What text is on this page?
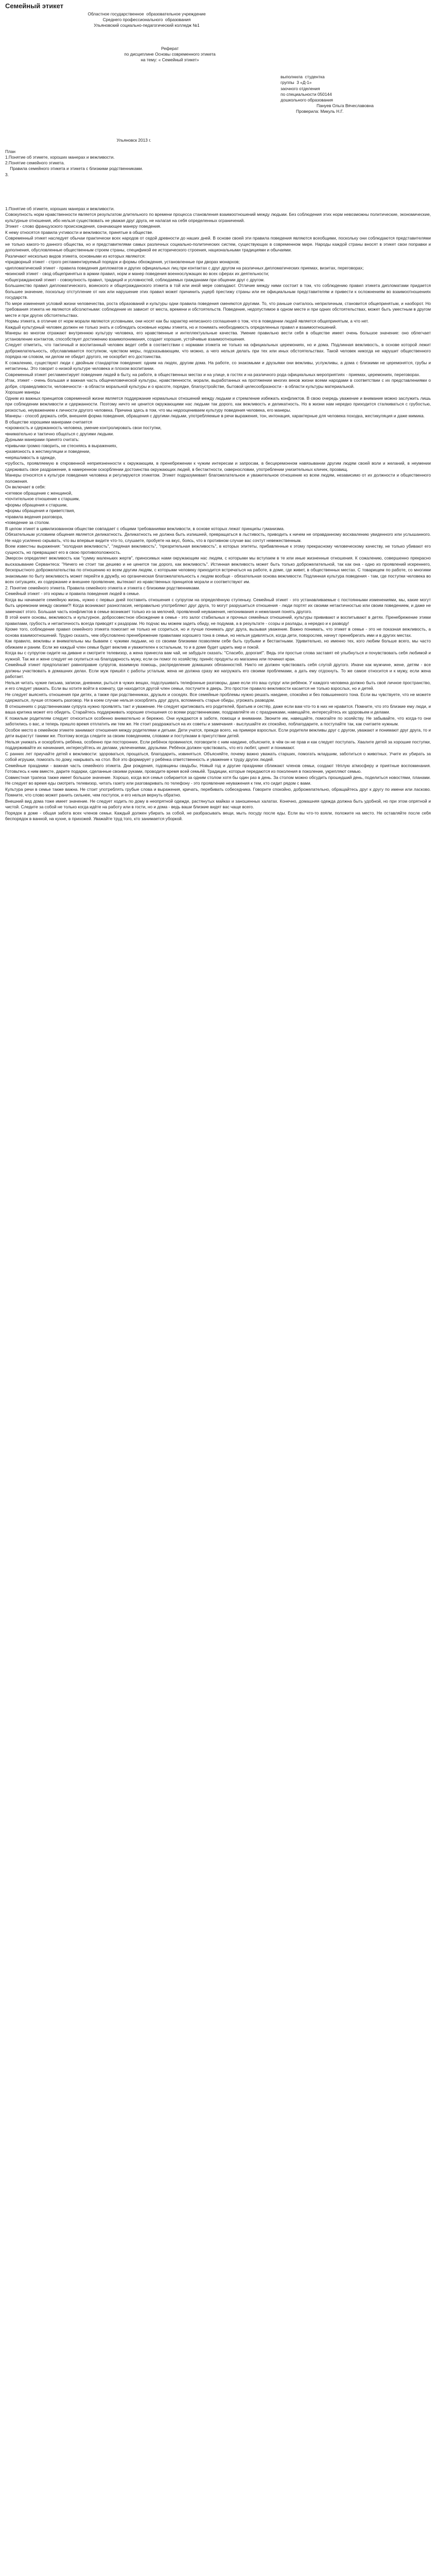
Семейный этикет

Областное государственное  образовательное учреждение

Среднего профессионального  образования

Ульяновский социально-педагогический колледж №1

Реферат

по дисциплине Основы современного этикета

на тему: « Семейный этикет»

выполнила  студентка

группы  3 «Д-1»

заочного отделения

по специальности 050144

дошкольного образования

Пануев Ольга Вячеславовна

Проверила: Микуль Н.Г.

Ульяновск 2013 г.

План

1.Понятие об этикете, хороших манерах и вежливости.

2.Понятие семейного этикета.

Правила семейного этикета и этикета с близкими родственниками.

3.

1.Понятие об этикете, хороших манерах и вежливости.

Совокупность норм нравственности является результатом длительного по времени процесса становления взаимоотношений между людьми. Без соблюдения этих норм невозможны политические, экономические, культурные отношения, ибо нельзя существовать не уважая друг друга, не налагая на себя определенных ограничений.

Этикет - слово французского происхождения, означающее манеру поведения.

К нему относятся правила учтивости и вежливости, принятые в обществе.

Современный этикет наследует обычаи практически всех народов от седой древности до наших дней. В основе своей эти правила поведения являются всеобщими, поскольку они соблюдаются представителями не только какого-то данного общества, но и представителями самых различных социально-политических систем, существующих в современном мире. Народы каждой страны вносят в этикет свои поправки и дополнения, обусловленные общественным строем страны, спецификой ее исторического строения, национальными традициями и обычаями.

Различают несколько видов этикета, основными из которых являются:

•придворный этикет - строго регламентируемый порядок и формы обхождения, установленные при дворах монархов;

•дипломатический этикет - правила поведения дипломатов и других официальных лиц при контактах с друг другом на различных дипломатических приемах, визитах, переговорах;

•воинский этикет - свод общепринятых в армии правил, норм и манер поведения военнослужащих во всех сферах их деятельности;

•общегражданский этикет - совокупность правил, традиций и условностей, соблюдаемых гражданами при общении друг с другом.

Большинство правил дипломатического, воинского и общегражданского этикета в той или иной мере совпадают. Отличие между ними состоит в том, что соблюдению правил этикета дипломатами придается большее значение, поскольку отступление от них или нарушение этих правил может причинить ущерб престижу страны или ее официальным представителям и привести к осложнениям во взаимоотношениях государств.

По мере изменения условий жизни человечества, роста образований и культуры одни правила поведения сменяются другими. То, что раньше считалось неприличным, становится общепринятым, и наоборот. Но требования этикета не являются абсолютными: соблюдение их зависит от места, времени и обстоятельств. Поведение, недопустимое в одном месте и при одних обстоятельствах, может быть уместным в другом месте и при других обстоятельствах.

Нормы этикета, в отличие от норм морали являются условными, они носят как бы характер неписаного соглашения о том, что в поведении людей является общепринятым, а что нет.

Каждый культурный человек должен не только знать и соблюдать основные нормы этикета, но и понимать необходимость определенных правил и взаимоотношений.

Манеры во многом отражают внутреннюю культуру человека, его нравственные и интеллектуальные качества. Умение правильно вести себя в обществе имеет очень большое значение: оно облегчает установление контактов, способствует достижению взаимопонимания, создает хорошие, устойчивые взаимоотношения.

Следует отметить, что тактичный и воспитанный человек ведет себя в соответствии с нормами этикета не только на официальных церемониях, но и дома. Подлинная вежливость, в основе которой лежит доброжелательность, обуславливается поступком, чувством меры, подсказывающим, что можно, а чего нельзя делать при тех или иных обстоятельствах. Такой человек никогда не нарушит общественного порядка ни словом, ни делом не обидит другого, не оскорбит его достоинства.

К сожалению, существуют люди с двойным стандартом поведения: одним на людях, другим дома. На работе, со знакомыми и друзьями они вежливы, услужливы, а дома с близкими не церемонятся, грубы и нетактичны. Это говорит о низкой культуре человека и плохом воспитании.

Современный этикет регламентирует поведение людей в быту, на работе, в общественных местах и на улице, в гостях и на различного рода официальных мероприятиях - приемах, церемониях, переговорах.

Итак, этикет - очень большая и важная часть общечеловеческой культуры, нравственности, морали, выработанных на протяжении многих веков жизни всеми народами в соответствии с их представлениями о добре, справедливости, человечности - в области моральной культуры и о красоте, порядке, благоустройстве, бытовой целесообразности - в области культуры материальной.

Хорошие манеры

Одним из важных принципов современной жизни является поддержание нормальных отношений между людьми и стремление избежать конфликтов. В свою очередь уважение и внимание можно заслужить лишь при соблюдении вежливости и сдержанности. Поэтому ничто не ценится окружающими нас людьми так дорого, как вежливость и деликатность. Но в жизни нам нередко приходится сталкиваться с грубостью, резкостью, неуважением к личности другого человека. Причина здесь в том, что мы недооцениваем культуру поведения человека, его манеры.

Манеры - способ держать себя, внешняя форма поведения, обращения с другими людьми, употребляемые в речи выражения, тон, интонация, характерные для человека походка, жестикуляция и даже мимика.

В обществе хорошими манерами считается

•скромность и сдержанность человека, умение контролировать свои поступки,

•внимательно и тактично общаться с другими людьми.

Дурными манерами принято считать:

•привычки громко говорить, не стесняясь в выражениях,

•развязность в жестикуляции и поведении,

•неряшливость в одежде,

•грубость, проявляемую в откровенной неприязненности к окружающим, в пренебрежении к чужим интересам и запросам, в бесцеремонном навязывании другим людям своей воли и желаний, в неумении сдерживать свое раздражение, в намеренном оскорблении достоинства окружающих людей, в бестактности, сквернословии, употреблении унизительных кличек, прозвищ.

Манеры относятся к культуре поведения человека и регулируются этикетом. Этикет подразумевает благожелательное и уважительное отношение ко всем людям, независимо от их должности и общественного положения.

Он включает в себя:

•сетевое обращение с женщиной,

•почтительное отношение к старшим,

•формы обращения к старшим,

•формы обращения и приветствия,

•правила ведения разговора,

•поведение за столом.

В целом этикет в цивилизованном обществе совпадает с общими требованиями вежливости, в основе которых лежат принципы гуманизма.

Обязательным условием общения является деликатность. Деликатность не должна быть излишней, превращаться в льстивость, приводить к ничем не оправданному восхвалению увиденного или услышанного. Не надо усиленно скрывать, что вы впервые видите что-то, слушаете, пробуете на вкус, боясь, что в противном случае вас сочтут невежественным.

Всем известны выражения: "холодная вежливость", "ледяная вежливость", "презрительная вежливость", в которых эпитеты, прибавленные к этому прекрасному человеческому качеству, не только убивают его сущность, но превращают его в свою противоположность.

Эмерсон определяет вежливость как "сумму маленьких жертв", приносимых нами окружающим нас людям, с которыми мы вступаем в те или иные жизненные отношения. К сожалению, совершенно прекрасно высказывание Сервантеса: "Ничего не стоит так дешево и не ценится так дорого, как вежливость". Истинная вежливость может быть только доброжелательной, так как она - одно из проявлений искреннего, бескорыстного доброжелательства по отношению ко всем другим людям, с которыми человеку приходится встречаться на работе, в доме, где живет, в общественных местах. С товарищем по работе, со многими знакомыми по быту вежливость может перейти в дружбу, но органическая благожелательность к людям вообще - обязательная основа вежливости. Подлинная культура поведения - там, где поступки человека во всех ситуациях, их содержание и внешнее проявление, вытекают из нравственных принципов морали и соответствуют им.

2. Понятие семейного этикета. Правила семейного этикета и этикета с близкими родственниками.

Семейный этикет - это нормы и правила поведения людей в семье.

Когда вы начинаете семейную жизнь, нужно с первых дней поставить отношения с супругом на определённую ступеньку. Семейный этикет - это устанавливаемые с постоянными изменениями, мы, какие могут быть церемонии между своими?! Когда возникают разногласия, неправильно употребляют друг друга, то могут разрушиться отношения - люди портят их своими нетактичностью или своим поведением, и даже не замечают этого. Большая часть конфликтов в семье возникает только из-за мелочей, проявлений неуважения, непонимания и нежелания понять другого.

В этой книге основы, вежливость и культурное, добросовестное обхождение в семье - это залог стабильных и прочных семейных отношений, культуры прививают и воспитывают в детях. Пренебрежение этими правилами, грубость и нетактичность всегда приводят к раздорам. Но подчас мы можем задеть обиду, не подумав, а в результате - ссоры и разлады, а нередко и к разводу!

Кроме того, соблюдение правил семейного этикета помогает не только не ссориться, но и лучше понимать друг друга, вызывая уважение. Важно понимать, что этикет в семье - это не показная вежливость, а основа взаимоотношений. Трудно сказать, чем обусловлено пренебрежение правилами хорошего тона в семье, но нельзя удивляться, когда дети, повзрослев, начнут пренебрегать ими и в других местах.

Как правило, вежливы и внимательны мы бываем с чужими людьми, но со своими близкими позволяем себе быть грубыми и бестактными. Удивительно, но именно тех, кого любим больше всего, мы часто обижаем и раним. Если же каждый член семьи будет вежлив и уважителен к остальным, то и в доме будет царить мир и покой.

Когда вы с супругом сидите на диване и смотрите телевизор, а жена принесла вам чай, не забудьте сказать: "Спасибо, дорогая!". Ведь эти простые слова заставят её улыбнуться и почувствовать себя любимой и нужной. Так же и жене следует не скупиться на благодарность мужу, если он помог по хозяйству, принёс продукты из магазина или починил кран.

Семейный этикет предполагает равноправие супругов, взаимную помощь, распределение домашних обязанностей. Никто не должен чувствовать себя слугой другого. Иначе как мужчине, жене, детям - все должны участвовать в домашних делах. Если муж пришёл с работы усталым, жена не должна сразу же нагружать его своими проблемами, а дать ему отдохнуть. То же самое относится и к мужу, если жена работает.

Нельзя читать чужие письма, записки, дневники, рыться в чужих вещах, подслушивать телефонные разговоры, даже если это ваш супруг или ребёнок. У каждого человека должно быть своё личное пространство, и его следует уважать. Если вы хотите войти в комнату, где находится другой член семьи, постучите в дверь. Это простое правило вежливости касается не только взрослых, но и детей.

Не следует выяснять отношения при детях, а также при родственниках, друзьях и соседях. Все семейные проблемы нужно решать наедине, спокойно и без повышенного тона. Если вы чувствуете, что не можете сдержаться, лучше отложить разговор. Ни в коем случае нельзя оскорблять друг друга, вспоминать старые обиды, угрожать разводом.

В отношениях с родственниками супруга нужно проявлять такт и уважение. Не следует критиковать его родителей, братьев и сестёр, даже если вам что-то в них не нравится. Помните, что это близкие ему люди, и ваша критика может его обидеть. Старайтесь поддерживать хорошие отношения со всеми родственниками, поздравляйте их с праздниками, навещайте, интересуйтесь их здоровьем и делами.

К пожилым родителям следует относиться особенно внимательно и бережно. Они нуждаются в заботе, помощи и внимании. Звоните им, навещайте, помогайте по хозяйству. Не забывайте, что когда-то они заботились о вас, и теперь пришло время отплатить им тем же. Не стоит раздражаться на их советы и замечания - выслушайте их спокойно, поблагодарите, а поступайте так, как считаете нужным.

Особое место в семейном этикете занимают отношения между родителями и детьми. Дети учатся, прежде всего, на примере взрослых. Если родители вежливы друг с другом, уважают и понимают друг друга, то и дети вырастут такими же. Поэтому всегда следите за своим поведением, словами и поступками в присутствии детей.

Нельзя унижать и оскорблять ребёнка, особенно при посторонних. Если ребёнок провинился, поговорите с ним наедине, объясните, в чём он не прав и как следует поступать. Хвалите детей за хорошие поступки, поддерживайте их начинания, интересуйтесь их делами, увлечениями, друзьями. Ребёнок должен чувствовать, что его любят, ценят и понимают.

С ранних лет приучайте детей к вежливости: здороваться, прощаться, благодарить, извиняться. Объясняйте, почему важно уважать старших, помогать младшим, заботиться о животных. Учите их убирать за собой игрушки, помогать по дому, накрывать на стол. Всё это формирует у ребёнка ответственность и уважение к труду других людей.

Семейные праздники - важная часть семейного этикета. Дни рождения, годовщины свадьбы, Новый год и другие праздники сближают членов семьи, создают тёплую атмосферу и приятные воспоминания. Готовьтесь к ним вместе, дарите подарки, сделанные своими руками, проводите время всей семьёй. Традиции, которые передаются из поколения в поколение, укрепляют семью.

Совместная трапеза также имеет большое значение. Хорошо, когда вся семья собирается за одним столом хотя бы один раз в день. За столом можно обсудить прошедший день, поделиться новостями, планами. Не следует во время еды смотреть телевизор, читать газету или разговаривать по телефону - это проявление неуважения к тем, кто сидит рядом с вами.

Культура речи в семье также важна. Не стоит употреблять грубые слова и выражения, кричать, перебивать собеседника. Говорите спокойно, доброжелательно, обращайтесь друг к другу по имени или ласково. Помните, что слово может ранить сильнее, чем поступок, и его нельзя вернуть обратно.

Внешний вид дома тоже имеет значение. Не следует ходить по дому в неопрятной одежде, растянутых майках и заношенных халатах. Конечно, домашняя одежда должна быть удобной, но при этом опрятной и чистой. Следите за собой не только когда идёте на работу или в гости, но и дома - ведь ваши близкие видят вас чаще всего.

Порядок в доме - общая забота всех членов семьи. Каждый должен убирать за собой, не разбрасывать вещи, мыть посуду после еды. Если вы что-то взяли, положите на место. Не оставляйте после себя беспорядок в ванной, на кухне, в прихожей. Уважайте труд того, кто занимается уборкой.
